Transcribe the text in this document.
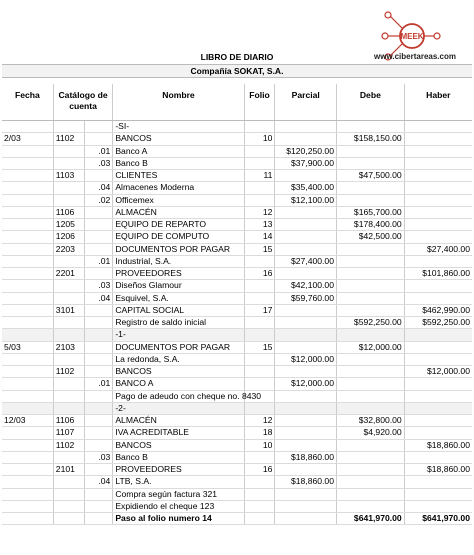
MEEK
www.cibertareas.com
LIBRO DE DIARIO
Compañía SOKAT, S.A.
Fecha	Catálogo de cuenta		Nombre	Folio	Parcial	Debe	Haber
			-SI-				
2/03	1102		BANCOS	10		$158,150.00	
		.01	Banco A		$120,250.00		
		.03	Banco B		$37,900.00		
	1103		CLIENTES	11		$47,500.00	
		.04	Almacenes Moderna		$35,400.00		
		.02	Officemex		$12,100.00		
	1106		ALMACÉN	12		$165,700.00	
	1205		EQUIPO DE REPARTO	13		$178,400.00	
	1206		EQUIPO DE COMPUTO	14		$42,500.00	
	2203		DOCUMENTOS POR PAGAR	15			$27,400.00
		.01	Industrial, S.A.		$27,400.00		
	2201		PROVEEDORES	16			$101,860.00
		.03	Diseños Glamour		$42,100.00		
		.04	Esquivel, S.A.		$59,760.00		
	3101		CAPITAL SOCIAL	17			$462,990.00
			Registro de saldo inicial			$592,250.00	$592,250.00
			-1-				
5/03	2103		DOCUMENTOS POR PAGAR	15		$12,000.00	
			La redonda, S.A.		$12,000.00		
	1102		BANCOS				$12,000.00
		.01	BANCO A		$12,000.00		
			Pago de adeudo con cheque no. 8430				
			-2-				
12/03	1106		ALMACÉN	12		$32,800.00	
	1107		IVA ACREDITABLE	18		$4,920.00	
	1102		BANCOS	10			$18,860.00
		.03	Banco B		$18,860.00		
	2101		PROVEEDORES	16			$18,860.00
		.04	LTB, S.A.		$18,860.00		
			Compra según factura 321				
			Expidiendo el cheque 123				
			Paso al folio numero 14			$641,970.00	$641,970.00
